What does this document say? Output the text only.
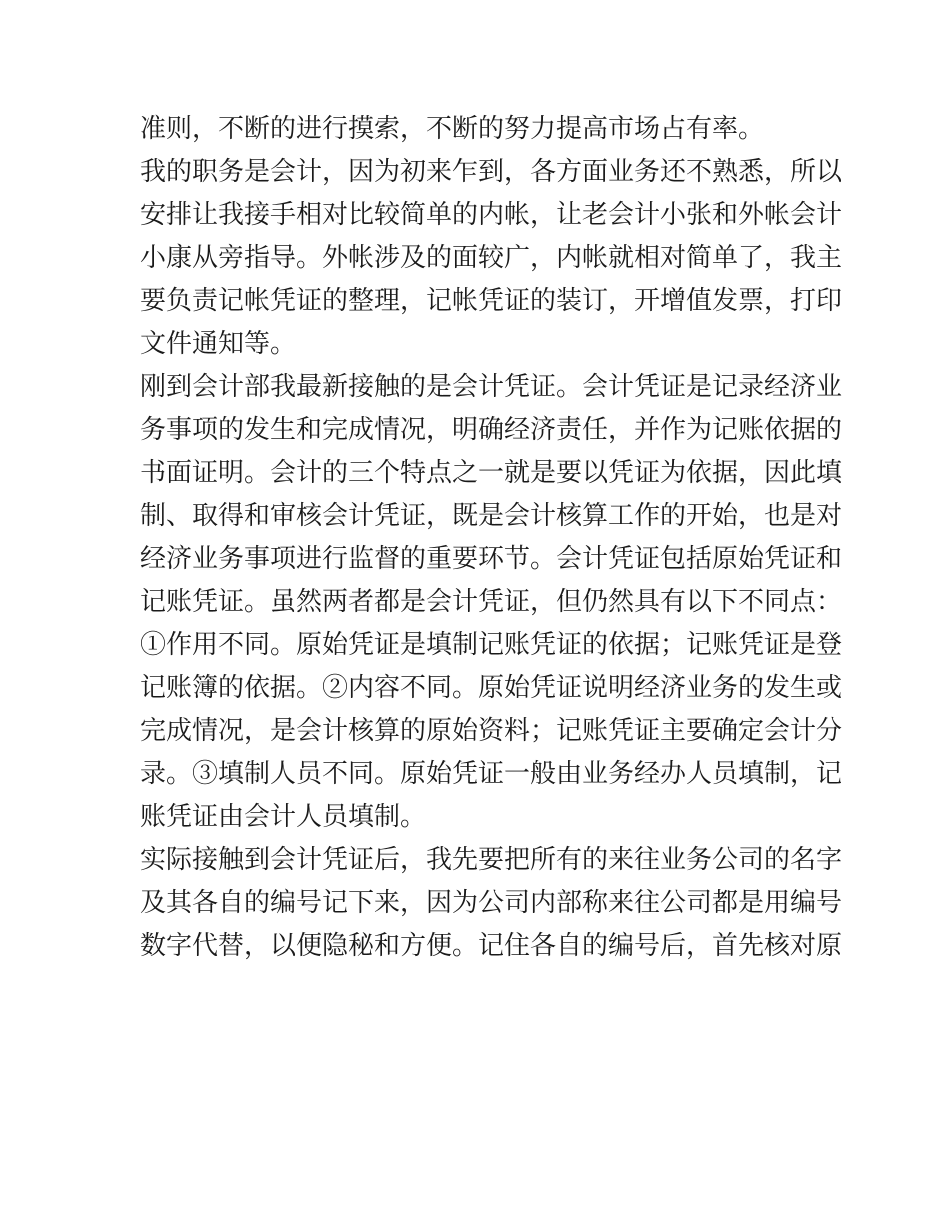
准则，不断的进行摸索，不断的努力提高市场占有率。
我的职务是会计，因为初来乍到，各方面业务还不熟悉，所以
安排让我接手相对比较简单的内帐，让老会计小张和外帐会计
小康从旁指导。外帐涉及的面较广，内帐就相对简单了，我主
要负责记帐凭证的整理，记帐凭证的装订，开增值发票，打印
文件通知等。
刚到会计部我最新接触的是会计凭证。会计凭证是记录经济业
务事项的发生和完成情况，明确经济责任，并作为记账依据的
书面证明。会计的三个特点之一就是要以凭证为依据，因此填
制、取得和审核会计凭证，既是会计核算工作的开始，也是对
经济业务事项进行监督的重要环节。会计凭证包括原始凭证和
记账凭证。虽然两者都是会计凭证，但仍然具有以下不同点：
①作用不同。原始凭证是填制记账凭证的依据；记账凭证是登
记账簿的依据。②内容不同。原始凭证说明经济业务的发生或
完成情况，是会计核算的原始资料；记账凭证主要确定会计分
录。③填制人员不同。原始凭证一般由业务经办人员填制，记
账凭证由会计人员填制。
实际接触到会计凭证后，我先要把所有的来往业务公司的名字
及其各自的编号记下来，因为公司内部称来往公司都是用编号
数字代替，以便隐秘和方便。记住各自的编号后，首先核对原
